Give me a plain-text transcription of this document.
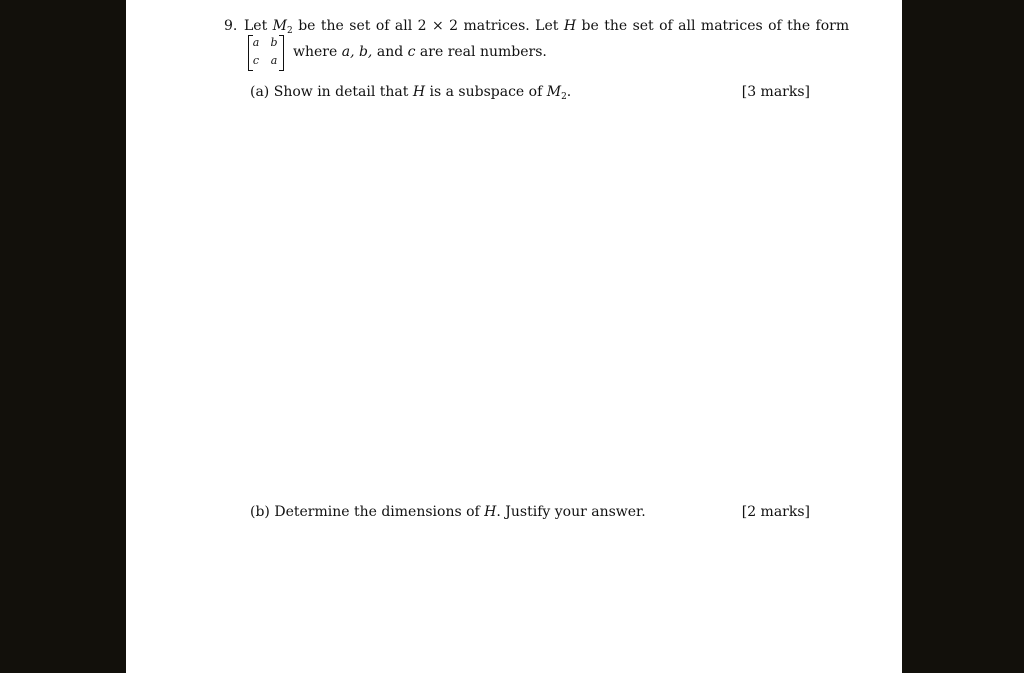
9. Let $M_2$ be the set of all 2 × 2 matrices. Let H be the set of all matrices of the form
a b
c a
where a, b, and c are real numbers.
(a) Show in detail that H is a subspace of $M_2$.	[3 marks]
(b) Determine the dimensions of H. Justify your answer.	[2 marks]
